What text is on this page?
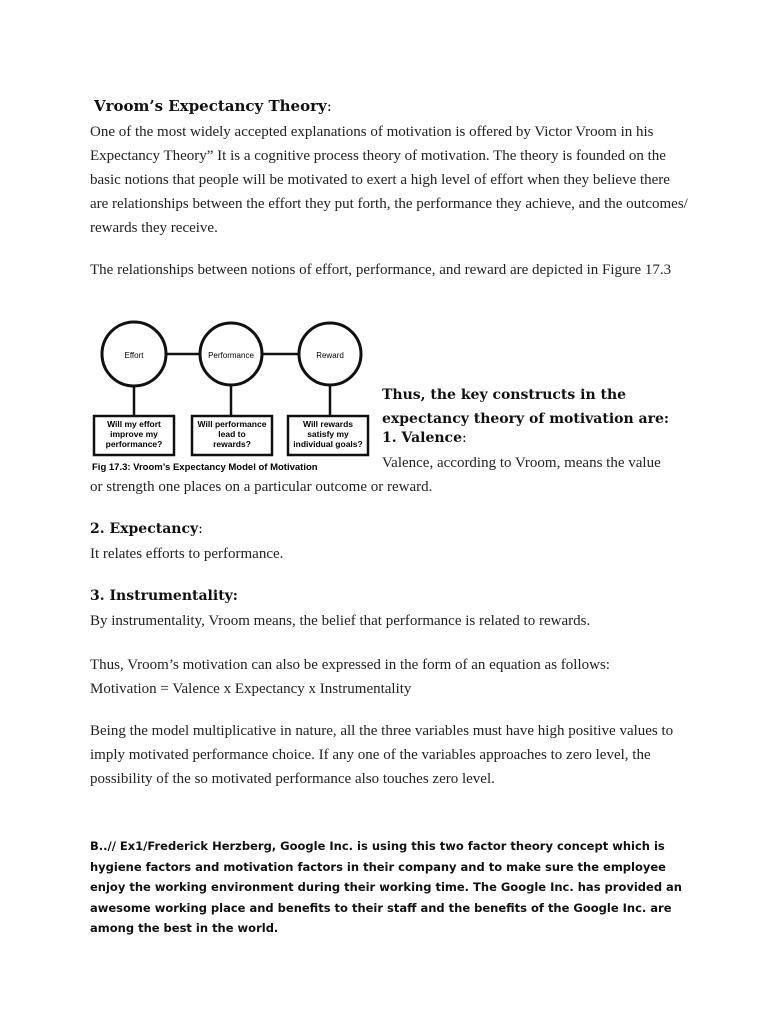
Vroom’s Expectancy Theory:

One of the most widely accepted explanations of motivation is offered by Victor Vroom in his Expectancy Theory” It is a cognitive process theory of motivation. The theory is founded on the basic notions that people will be motivated to exert a high level of effort when they believe there are relationships between the effort they put forth, the performance they achieve, and the outcomes/ rewards they receive.

The relationships between notions of effort, performance, and reward are depicted in Figure 17.3

Effort	Performance	Reward
Will my effort
improve my
performance?
Will performance
lead to
rewards?
Will rewards
satisfy my
individual goals?
Fig 17.3: Vroom’s Expectancy Model of Motivation

Thus, the key constructs in the expectancy theory of motivation are:

1. Valence:

Valence, according to Vroom, means the value

or strength one places on a particular outcome or reward.

2. Expectancy:

It relates efforts to performance.

3. Instrumentality:

By instrumentality, Vroom means, the belief that performance is related to rewards.

Thus, Vroom’s motivation can also be expressed in the form of an equation as follows:
Motivation = Valence x Expectancy x Instrumentality

Being the model multiplicative in nature, all the three variables must have high positive values to imply motivated performance choice. If any one of the variables approaches to zero level, the possibility of the so motivated performance also touches zero level.

B..// Ex1/Frederick Herzberg, Google Inc. is using this two factor theory concept which is hygiene factors and motivation factors in their company and to make sure the employee enjoy the working environment during their working time. The Google Inc. has provided an awesome working place and benefits to their staff and the benefits of the Google Inc. are among the best in the world.
